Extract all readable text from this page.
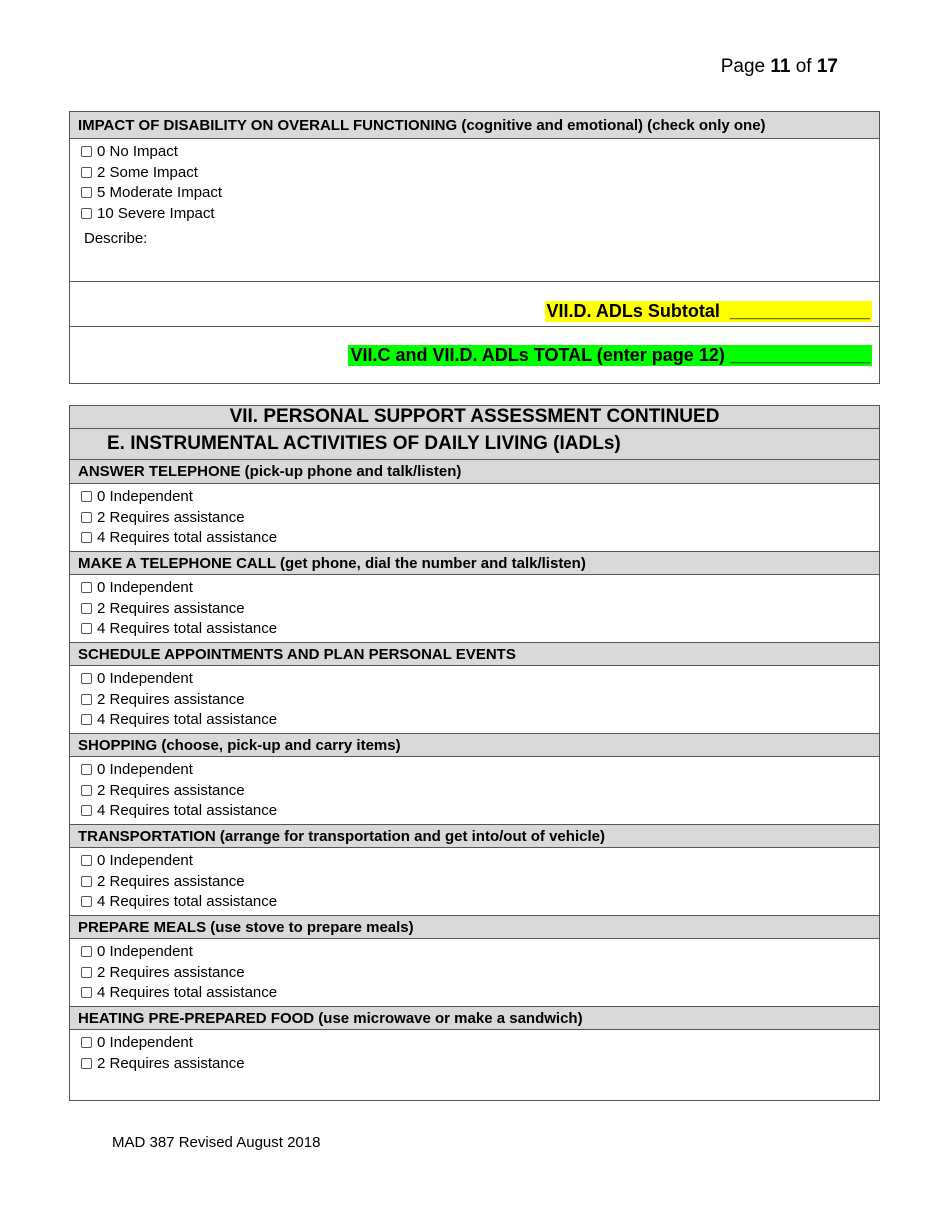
Page 11 of 17
IMPACT OF DISABILITY ON OVERALL FUNCTIONING (cognitive and emotional) (check only one)
0 No Impact
2 Some Impact
5 Moderate Impact
10 Severe Impact
Describe:
VII.D. ADLs Subtotal  ______________
VII.C and VII.D. ADLs TOTAL (enter page 12) ______________
VII. PERSONAL SUPPORT ASSESSMENT CONTINUED
E. INSTRUMENTAL ACTIVITIES OF DAILY LIVING (IADLs)
ANSWER TELEPHONE (pick-up phone and talk/listen)
0 Independent
2 Requires assistance
4 Requires total assistance
MAKE A TELEPHONE CALL (get phone, dial the number and talk/listen)
0 Independent
2 Requires assistance
4 Requires total assistance
SCHEDULE APPOINTMENTS AND PLAN PERSONAL EVENTS
0 Independent
2 Requires assistance
4 Requires total assistance
SHOPPING (choose, pick-up and carry items)
0 Independent
2 Requires assistance
4 Requires total assistance
TRANSPORTATION (arrange for transportation and get into/out of vehicle)
0 Independent
2 Requires assistance
4 Requires total assistance
PREPARE MEALS (use stove to prepare meals)
0 Independent
2 Requires assistance
4 Requires total assistance
HEATING PRE-PREPARED FOOD (use microwave or make a sandwich)
0 Independent
2 Requires assistance
MAD 387 Revised August 2018
